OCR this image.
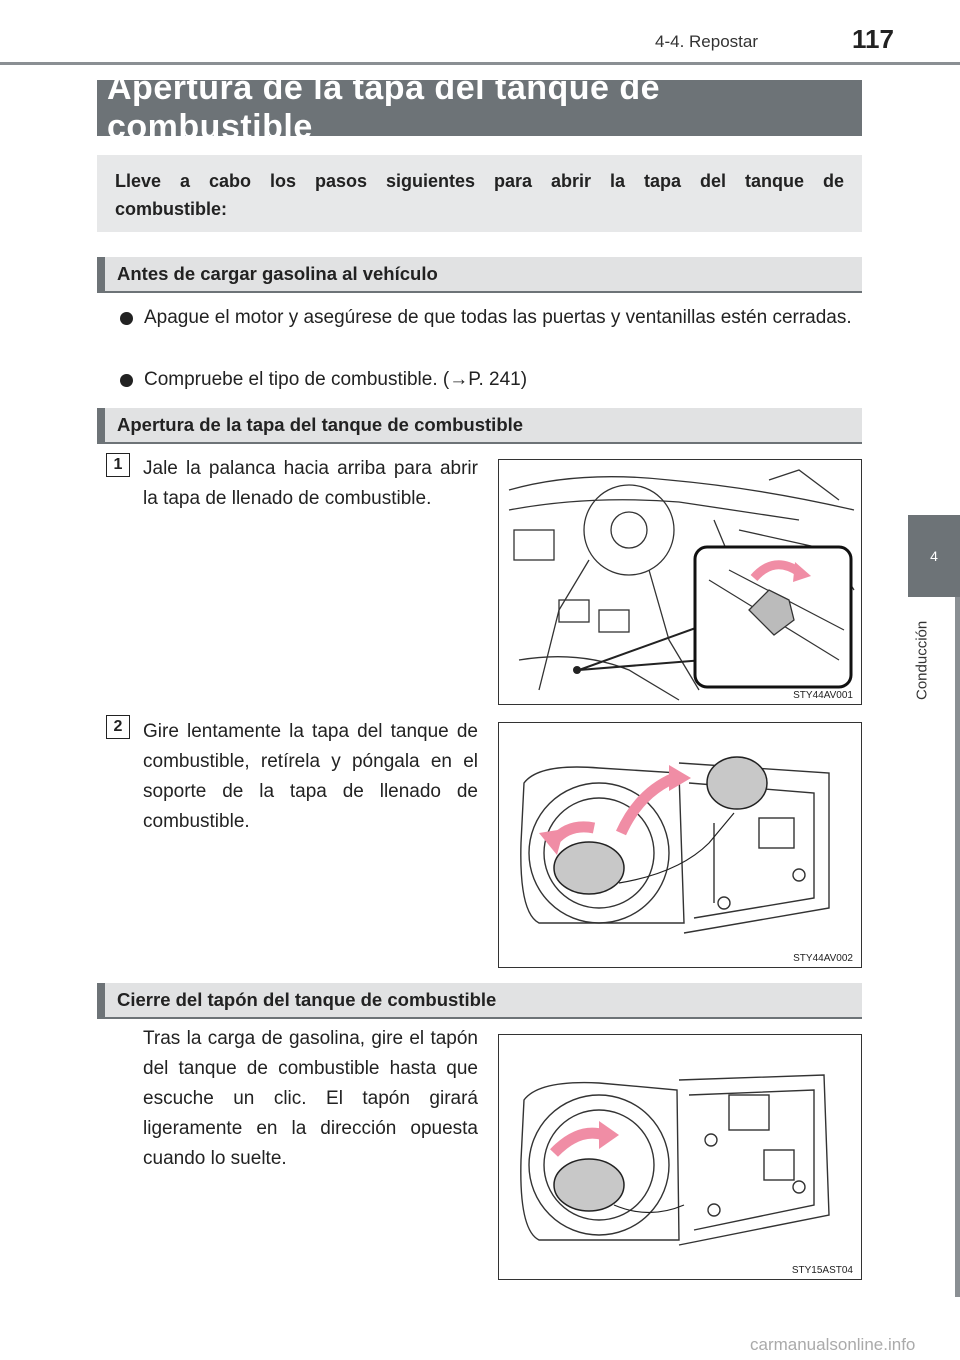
4-4. Repostar	117
4
Conducción
Apertura de la tapa del tanque de combustible
Lleve a cabo los pasos siguientes para abrir la tapa del tanque de combustible:
Antes de cargar gasolina al vehículo
Apague el motor y asegúrese de que todas las puertas y ventanillas estén cerradas.
Compruebe el tipo de combustible. (→P. 241)
Apertura de la tapa del tanque de combustible
1	Jale la palanca hacia arriba para abrir la tapa de llenado de combustible.
STY44AV001
2	Gire lentamente la tapa del tanque de combustible, retírela y póngala en el soporte de la tapa de llenado de combustible.
STY44AV002
Cierre del tapón del tanque de combustible
Tras la carga de gasolina, gire el tapón del tanque de combustible hasta que escuche un clic. El tapón girará ligeramente en la dirección opuesta cuando lo suelte.
STY15AST04
carmanualsonline.info
